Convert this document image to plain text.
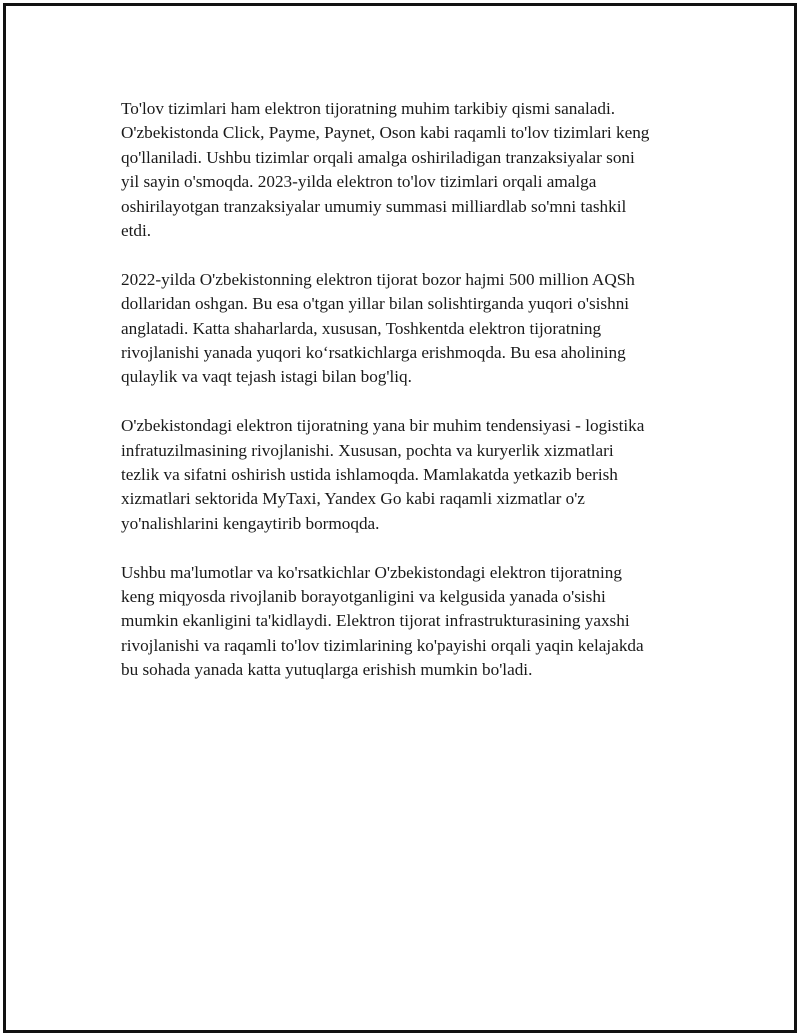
To'lov tizimlari ham elektron tijoratning muhim tarkibiy qismi sanaladi.
O'zbekistonda Click, Payme, Paynet, Oson kabi raqamli to'lov tizimlari keng
qo'llaniladi. Ushbu tizimlar orqali amalga oshiriladigan tranzaksiyalar soni
yil sayin o'smoqda. 2023-yilda elektron to'lov tizimlari orqali amalga
oshirilayotgan tranzaksiyalar umumiy summasi milliardlab so'mni tashkil
etdi.

2022-yilda O'zbekistonning elektron tijorat bozor hajmi 500 million AQSh
dollaridan oshgan. Bu esa o'tgan yillar bilan solishtirganda yuqori o'sishni
anglatadi. Katta shaharlarda, xususan, Toshkentda elektron tijoratning
rivojlanishi yanada yuqori koʻrsatkichlarga erishmoqda. Bu esa aholining
qulaylik va vaqt tejash istagi bilan bog'liq.

O'zbekistondagi elektron tijoratning yana bir muhim tendensiyasi - logistika
infratuzilmasining rivojlanishi. Xususan, pochta va kuryerlik xizmatlari
tezlik va sifatni oshirish ustida ishlamoqda. Mamlakatda yetkazib berish
xizmatlari sektorida MyTaxi, Yandex Go kabi raqamli xizmatlar o'z
yo'nalishlarini kengaytirib bormoqda.

Ushbu ma'lumotlar va ko'rsatkichlar O'zbekistondagi elektron tijoratning
keng miqyosda rivojlanib borayotganligini va kelgusida yanada o'sishi
mumkin ekanligini ta'kidlaydi. Elektron tijorat infrastrukturasining yaxshi
rivojlanishi va raqamli to'lov tizimlarining ko'payishi orqali yaqin kelajakda
bu sohada yanada katta yutuqlarga erishish mumkin bo'ladi.
